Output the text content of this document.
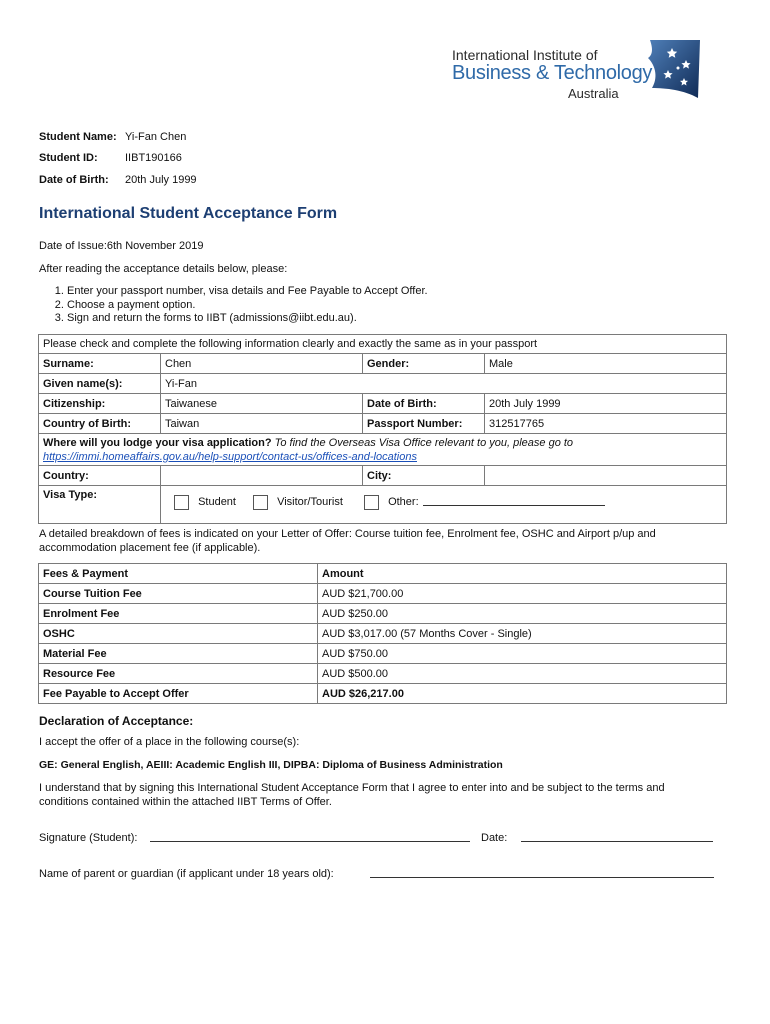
International Institute of
Business & Technology
Australia
Student Name: Yi-Fan Chen
Student ID: IIBT190166
Date of Birth: 20th July 1999
International Student Acceptance Form
Date of Issue:6th November 2019
After reading the acceptance details below, please:
1. Enter your passport number, visa details and Fee Payable to Accept Offer.
2. Choose a payment option.
3. Sign and return the forms to IIBT (admissions@iibt.edu.au).
Please check and complete the following information clearly and exactly the same as in your passport			
Surname:	Chen	Gender:	Male
Given name(s):	Yi-Fan		
Citizenship:	Taiwanese	Date of Birth:	20th July 1999
Country of Birth:	Taiwan	Passport Number:	312517765
Where will you lodge your visa application? To find the Overseas Visa Office relevant to you, please go to
https://immi.homeaffairs.gov.au/help-support/contact-us/offices-and-locations			
Country:		City:	
Visa Type:	Student Visitor/Tourist Other:		
A detailed breakdown of fees is indicated on your Letter of Offer: Course tuition fee, Enrolment fee, OSHC and Airport p/up and
accommodation placement fee (if applicable).
Fees & Payment	Amount
Course Tuition Fee	AUD $21,700.00
Enrolment Fee	AUD $250.00
OSHC	AUD $3,017.00 (57 Months Cover - Single)
Material Fee	AUD $750.00
Resource Fee	AUD $500.00
Fee Payable to Accept Offer	AUD $26,217.00
Declaration of Acceptance:
I accept the offer of a place in the following course(s):
GE: General English, AEIII: Academic English III, DIPBA: Diploma of Business Administration
I understand that by signing this International Student Acceptance Form that I agree to enter into and be subject to the terms and
conditions contained within the attached IIBT Terms of Offer.
Signature (Student):	Date:
Name of parent or guardian (if applicant under 18 years old):
